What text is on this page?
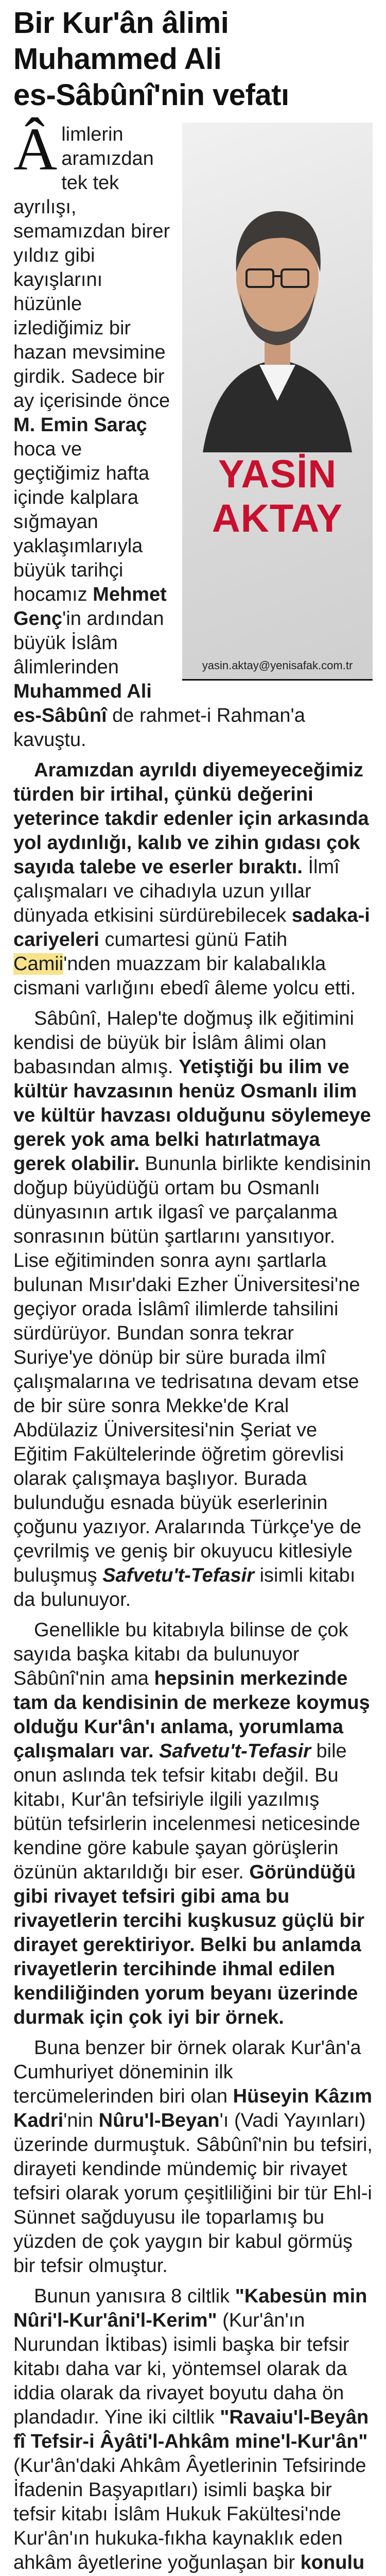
Bir Kur'ân âlimi
Muhammed Ali
es-Sâbûnî'nin vefatı
YASİN
AKTAY
yasin.aktay@yenisafak.com.tr

Âlimlerin aramızdan tek tek ayrılışı, semamızdan birer yıldız gibi kayışlarını hüzünle izlediğimiz bir hazan mevsimine girdik. Sadece bir ay içerisinde önce M. Emin Saraç hoca ve geçtiğimiz hafta içinde kalplara sığmayan yaklaşımlarıyla büyük tarihçi hocamız Mehmet Genç'in ardından büyük İslâm âlimlerinden Muhammed Ali es-Sâbûnî de rahmet-i Rahman'a kavuştu.

Aramızdan ayrıldı diyemeyeceğimiz türden bir irtihal, çünkü değerini yeterince takdir edenler için arkasında yol aydınlığı, kalıb ve zihin gıdası çok sayıda talebe ve eserler bıraktı. İlmî çalışmaları ve cihadıyla uzun yıllar dünyada etkisini sürdürebilecek sadaka-i cariyeleri cumartesi günü Fatih Camii'nden muazzam bir kalabalıkla cismani varlığını ebedî âleme yolcu etti.

Sâbûnî, Halep'te doğmuş ilk eğitimini kendisi de büyük bir İslâm âlimi olan babasından almış. Yetiştiği bu ilim ve kültür havzasının henüz Osmanlı ilim ve kültür havzası olduğunu söylemeye gerek yok ama belki hatırlatmaya gerek olabilir. Bununla birlikte kendisinin doğup büyüdüğü ortam bu Osmanlı dünyasının artık ilgasî ve parçalanma sonrasının bütün şartlarını yansıtıyor. Lise eğitiminden sonra aynı şartlarla bulunan Mısır'daki Ezher Üniversitesi'ne geçiyor orada İslâmî ilimlerde tahsilini sürdürüyor. Bundan sonra tekrar Suriye'ye dönüp bir süre burada ilmî çalışmalarına ve tedrisatına devam etse de bir süre sonra Mekke'de Kral Abdülaziz Üniversitesi'nin Şeriat ve Eğitim Fakültelerinde öğretim görevlisi olarak çalışmaya başlıyor. Burada bulunduğu esnada büyük eserlerinin çoğunu yazıyor. Aralarında Türkçe'ye de çevrilmiş ve geniş bir okuyucu kitlesiyle buluşmuş Safvetu't-Tefasir isimli kitabı da bulunuyor.

Genellikle bu kitabıyla bilinse de çok sayıda başka kitabı da bulunuyor Sâbûnî'nin ama hepsinin merkezinde tam da kendisinin de merkeze koymuş olduğu Kur'ân'ı anlama, yorumlama çalışmaları var. Safvetu't-Tefasir bile onun aslında tek tefsir kitabı değil. Bu kitabı, Kur'ân tefsiriyle ilgili yazılmış bütün tefsirlerin incelenmesi neticesinde kendine göre kabule şayan görüşlerin özünün aktarıldığı bir eser. Göründüğü gibi rivayet tefsiri gibi ama bu rivayetlerin tercihi kuşkusuz güçlü bir dirayet gerektiriyor. Belki bu anlamda rivayetlerin tercihinde ihmal edilen kendiliğinden yorum beyanı üzerinde durmak için çok iyi bir örnek.

Buna benzer bir örnek olarak Kur'ân'a Cumhuriyet döneminin ilk tercümelerinden biri olan Hüseyin Kâzım Kadri'nin Nûru'l-Beyan'ı (Vadi Yayınları) üzerinde durmuştuk. Sâbûnî'nin bu tefsiri, dirayeti kendinde mündemiç bir rivayet tefsiri olarak yorum çeşitliliğini bir tür Ehl-i Sünnet sağduyusu ile toparlamış bu yüzden de çok yaygın bir kabul görmüş bir tefsir olmuştur.

Bunun yanısıra 8 ciltlik "Kabesün min Nûri'l-Kur'âni'l-Kerim" (Kur'ân'ın Nurundan İktibas) isimli başka bir tefsir kitabı daha var ki, yöntemsel olarak da iddia olarak da rivayet boyutu daha ön plandadır. Yine iki ciltlik "Ravaiu'l-Beyân fî Tefsir-i Âyâti'l-Ahkâm mine'l-Kur'ân" (Kur'ân'daki Ahkâm Âyetlerinin Tefsirinde İfadenin Başyapıtları) isimli başka bir tefsir kitabı İslâm Hukuk Fakültesi'nde Kur'ân'ın hukuka-fıkha kaynaklık eden ahkâm âyetlerine yoğunlaşan bir konulu
